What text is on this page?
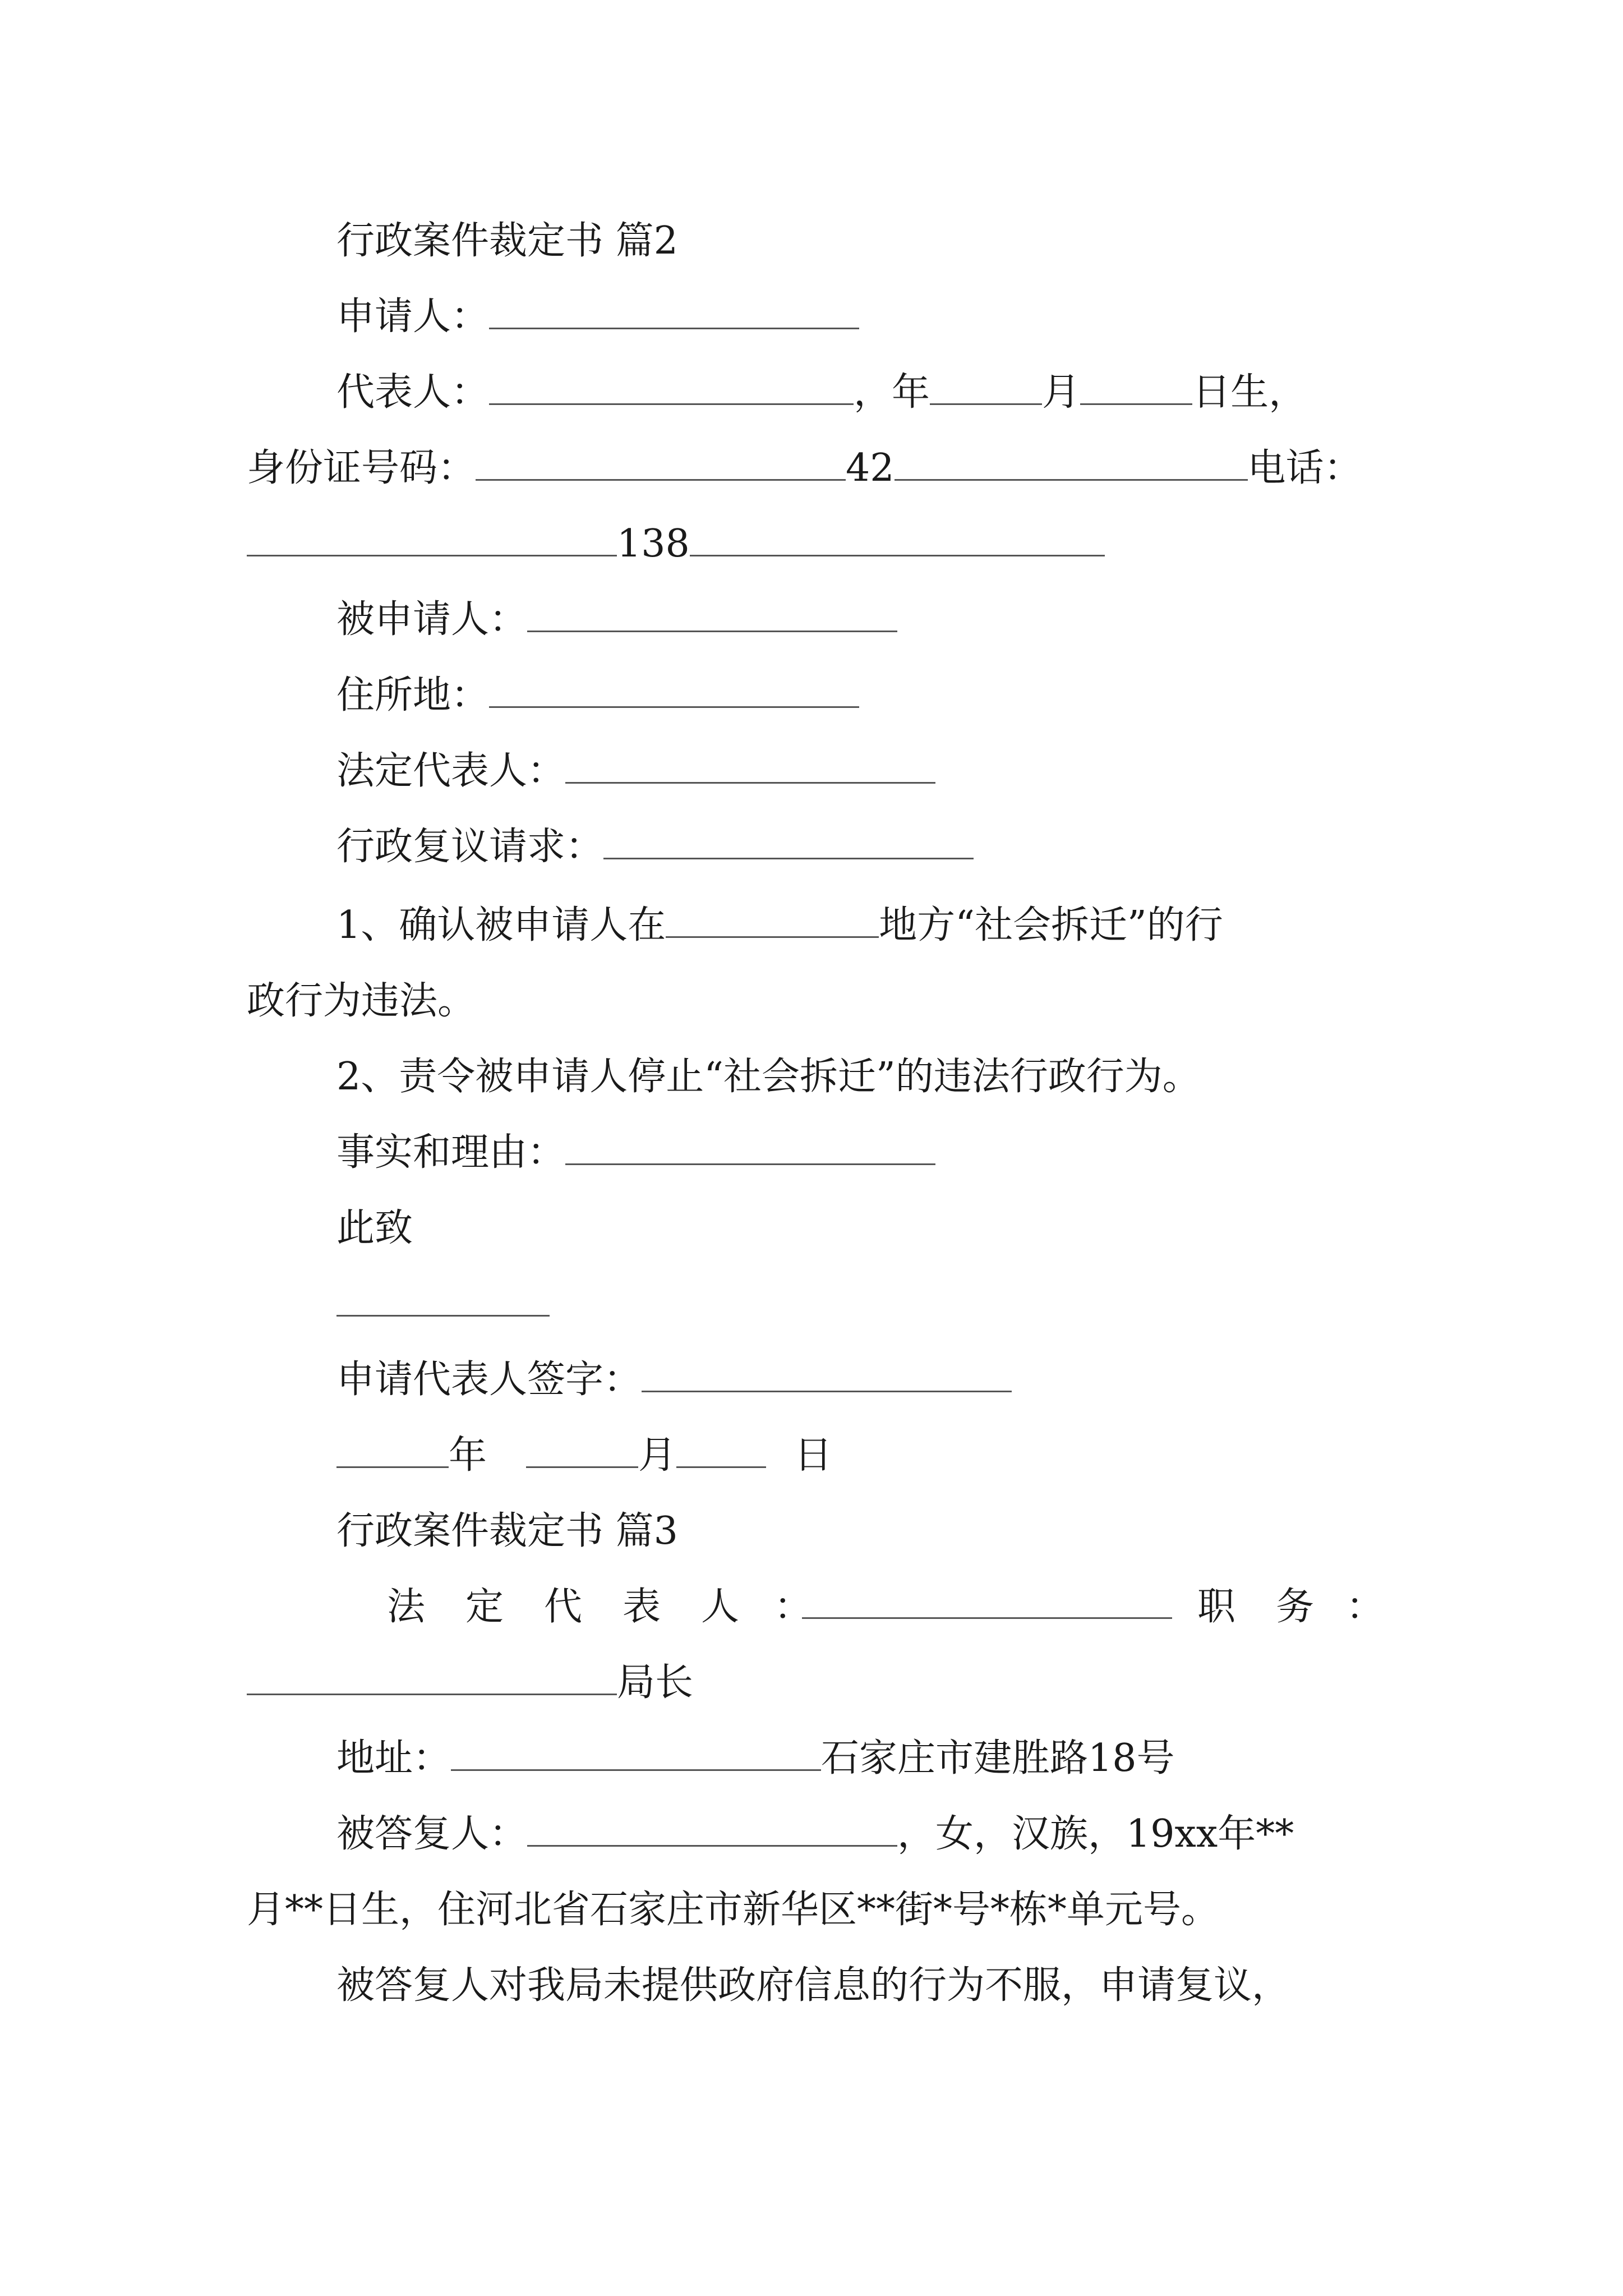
行政案件裁定书 篇2
申请人：
代表人：	，年	月	日生，
身份证号码：	42	电话：
138
被申请人：
住所地：
法定代表人：
行政复议请求：
1、确认被申请人在	地方“社会拆迁”的行
政行为违法。
2、责令被申请人停止“社会拆迁”的违法行政行为。
事实和理由：
此致
申请代表人签字：
年	月	日
行政案件裁定书 篇3
法 定 代 表 人 ：	职 务 ：
局长
地址：	石家庄市建胜路18号
被答复人：	，女，汉族，19xx年**
月**日生，住河北省石家庄市新华区**街*号*栋*单元号。
被答复人对我局未提供政府信息的行为不服，申请复议，
